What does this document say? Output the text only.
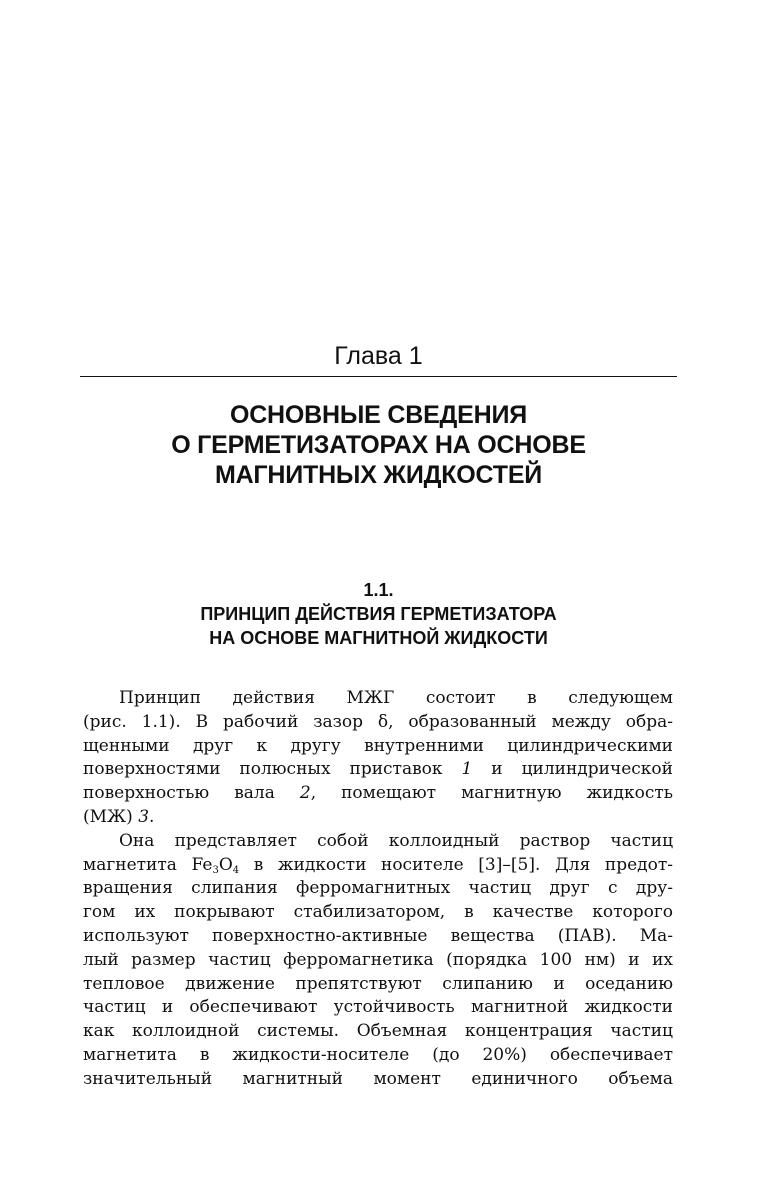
Глава 1
ОСНОВНЫЕ СВЕДЕНИЯ
О ГЕРМЕТИЗАТОРАХ НА ОСНОВЕ
МАГНИТНЫХ ЖИДКОСТЕЙ
1.1.
ПРИНЦИП ДЕЙСТВИЯ ГЕРМЕТИЗАТОРА
НА ОСНОВЕ МАГНИТНОЙ ЖИДКОСТИ
Принцип действия МЖГ состоит в следующем
(рис. 1.1). В рабочий зазор δ, образованный между обра-
щенными друг к другу внутренними цилиндрическими
поверхностями полюсных приставок 1 и цилиндрической
поверхностью вала 2, помещают магнитную жидкость
(МЖ) 3.
Она представляет собой коллоидный раствор частиц
магнетита $Fe_3O_4$ в жидкости носителе [3]–[5]. Для предот-
вращения слипания ферромагнитных частиц друг с дру-
гом их покрывают стабилизатором, в качестве которого
используют поверхностно-активные вещества (ПАВ). Ма-
лый размер частиц ферромагнетика (порядка 100 нм) и их
тепловое движение препятствуют слипанию и оседанию
частиц и обеспечивают устойчивость магнитной жидкости
как коллоидной системы. Объемная концентрация частиц
магнетита в жидкости-носителе (до 20%) обеспечивает
значительный магнитный момент единичного объема
